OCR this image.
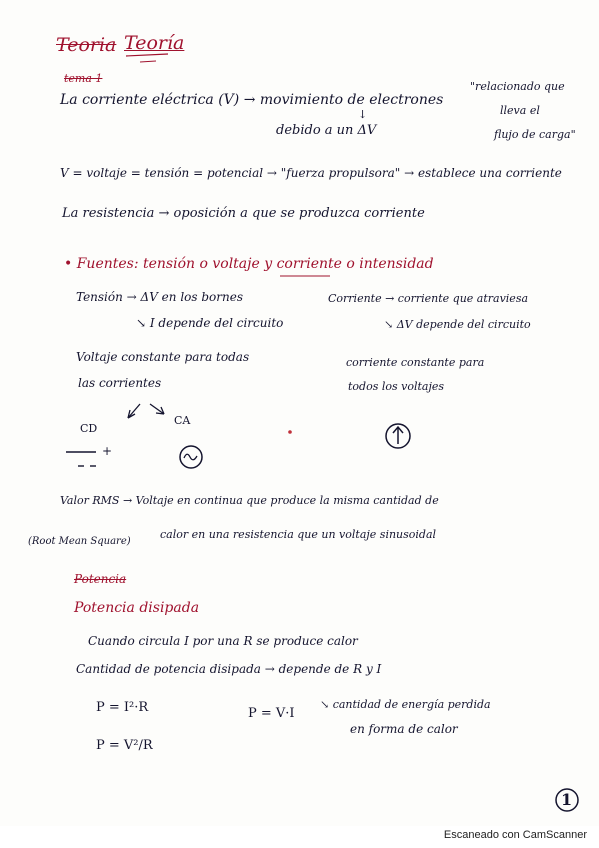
Teoria Teoría
tema 1
La corriente eléctrica (V) → movimiento de electrones
↓
debido a un ΔV
"relacionado que
lleva el
flujo de carga"
V = voltaje = tensión = potencial → "fuerza propulsora" → establece una corriente
La resistencia → oposición a que se produzca corriente
• Fuentes: tensión o voltaje y corriente o intensidad
Tensión → ΔV en los bornes
↘ I depende del circuito
Voltaje constante para todas
las corrientes
Corriente → corriente que atraviesa
↘ ΔV depende del circuito
corriente constante para
todos los voltajes
CD
CA
+
Valor RMS → Voltaje en continua que produce la misma cantidad de
(Root Mean Square)
calor en una resistencia que un voltaje sinusoidal
Potencia
Potencia disipada
Cuando circula I por una R se produce calor
Cantidad de potencia disipada → depende de R y I
P = I²·R	P = V·I
P = V²/R
↘ cantidad de energía perdida
en forma de calor
1
Escaneado con CamScanner
